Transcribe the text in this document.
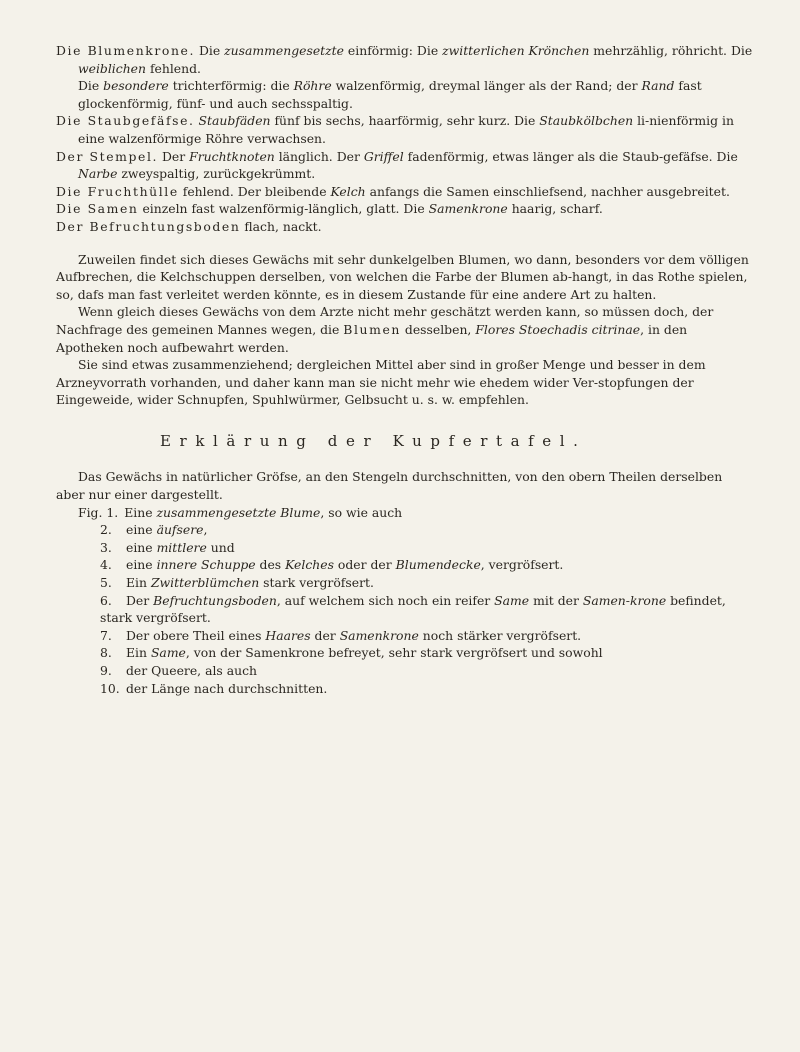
Die Blumenkrone. Die zusammengesetzte einförmig: Die zwitterlichen Krönchen mehrzählig, röhricht. Die weiblichen fehlend.

Die besondere trichterförmig: die Röhre walzenförmig, dreymal länger als der Rand; der Rand fast glockenförmig, fünf- und auch sechsspaltig.

Die Staubgefäfse. Staubfäden fünf bis sechs, haarförmig, sehr kurz. Die Staubkölbchen li-nienförmig in eine walzenförmige Röhre verwachsen.

Der Stempel. Der Fruchtknoten länglich. Der Griffel fadenförmig, etwas länger als die Staub-gefäfse. Die Narbe zweyspaltig, zurückgekrümmt.

Die Fruchthülle fehlend. Der bleibende Kelch anfangs die Samen einschliefsend, nachher ausgebreitet.

Die Samen einzeln fast walzenförmig-länglich, glatt. Die Samenkrone haarig, scharf.

Der Befruchtungsboden flach, nackt.

Zuweilen findet sich dieses Gewächs mit sehr dunkelgelben Blumen, wo dann, besonders vor dem völligen Aufbrechen, die Kelchschuppen derselben, von welchen die Farbe der Blumen ab-hangt, in das Rothe spielen, so, dafs man fast verleitet werden könnte, es in diesem Zustande für eine andere Art zu halten.

Wenn gleich dieses Gewächs von dem Arzte nicht mehr geschätzt werden kann, so müssen doch, der Nachfrage des gemeinen Mannes wegen, die Blumen desselben, Flores Stoechadis citrinae, in den Apotheken noch aufbewahrt werden.

Sie sind etwas zusammenziehend; dergleichen Mittel aber sind in großer Menge und besser in dem Arzneyvorrath vorhanden, und daher kann man sie nicht mehr wie ehedem wider Ver-stopfungen der Eingeweide, wider Schnupfen, Spuhlwürmer, Gelbsucht u. s. w. empfehlen.

Erklärung der Kupfertafel.
Das Gewächs in natürlicher Gröfse, an den Stengeln durchschnitten, von den obern Theilen derselben aber nur einer dargestellt.

Fig. 1. Eine zusammengesetzte Blume, so wie auch

2. eine äufsere,

3. eine mittlere und

4. eine innere Schuppe des Kelches oder der Blumendecke, vergröfsert.

5. Ein Zwitterblümchen stark vergröfsert.

6. Der Befruchtungsboden, auf welchem sich noch ein reifer Same mit der Samen-krone befindet, stark vergröfsert.

7. Der obere Theil eines Haares der Samenkrone noch stärker vergröfsert.

8. Ein Same, von der Samenkrone befreyet, sehr stark vergröfsert und sowohl

9. der Queere, als auch

10. der Länge nach durchschnitten.
